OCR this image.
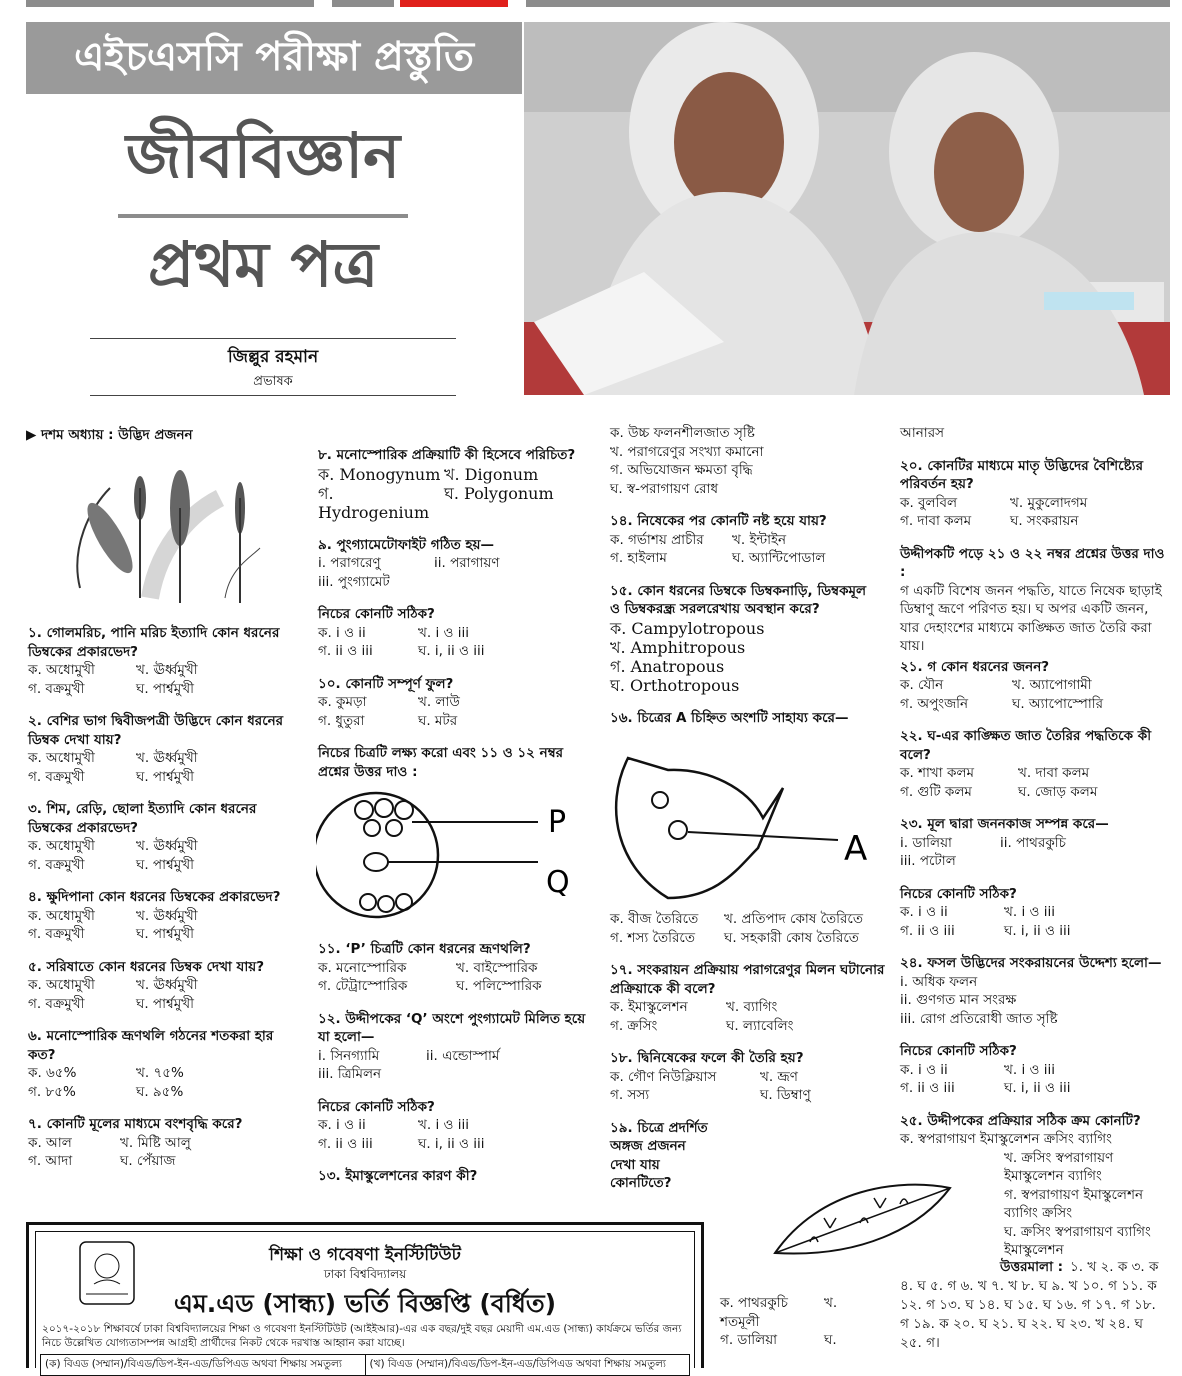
এইচএসসি পরীক্ষা প্রস্তুতি
জীববিজ্ঞান
প্রথম পত্র
জিল্লুর রহমান
প্রভাষক
▶ দশম অধ্যায় : উদ্ভিদ প্রজনন

১. গোলমরিচ, পানি মরিচ ইত্যাদি কোন ধরনের ডিম্বকের প্রকারভেদ?

ক. অধোমুখী	খ. ঊর্ধ্বমুখী
গ. বক্রমুখী	ঘ. পার্শ্বমুখী

২. বেশির ভাগ দ্বিবীজপত্রী উদ্ভিদে কোন ধরনের ডিম্বক দেখা যায়?

ক. অধোমুখী	খ. ঊর্ধ্বমুখী
গ. বক্রমুখী	ঘ. পার্শ্বমুখী

৩. শিম, রেড়ি, ছোলা ইত্যাদি কোন ধরনের ডিম্বকের প্রকারভেদ?

ক. অধোমুখী	খ. ঊর্ধ্বমুখী
গ. বক্রমুখী	ঘ. পার্শ্বমুখী

৪. ক্ষুদিপানা কোন ধরনের ডিম্বকের প্রকারভেদ?

ক. অধোমুখী	খ. ঊর্ধ্বমুখী
গ. বক্রমুখী	ঘ. পার্শ্বমুখী

৫. সরিষাতে কোন ধরনের ডিম্বক দেখা যায়?

ক. অধোমুখী	খ. ঊর্ধ্বমুখী
গ. বক্রমুখী	ঘ. পার্শ্বমুখী

৬. মনোস্পোরিক ভ্রূণথলি গঠনের শতকরা হার কত?

ক. ৬৫%	খ. ৭৫%
গ. ৮৫%	ঘ. ৯৫%

৭. কোনটি মূলের মাধ্যমে বংশবৃদ্ধি করে?

ক. আল	খ. মিষ্টি আলু
গ. আদা	ঘ. পেঁয়াজ

৮. মনোস্পোরিক প্রক্রিয়াটি কী হিসেবে পরিচিত?

ক. Monogynum খ. Digonum
গ. Hydrogenium
ঘ. Polygonum

৯. পুংগ্যামেটোফাইট গঠিত হয়—

i. পরাগরেণু	ii. পরাগায়ণ

iii. পুংগ্যামেট

নিচের কোনটি সঠিক?

ক. i ও ii	খ. i ও iii
গ. ii ও iii	ঘ. i, ii ও iii

১০. কোনটি সম্পূর্ণ ফুল?

ক. কুমড়া	খ. লাউ
গ. ধুতুরা	ঘ. মটর

নিচের চিত্রটি লক্ষ্য করো এবং ১১ ও ১২ নম্বর প্রশ্নের উত্তর দাও :

P
Q

১১. ‘P’ চিত্রটি কোন ধরনের ভ্রূণথলি?

ক. মনোস্পোরিক	খ. বাইস্পোরিক
গ. টেট্রাস্পোরিক	ঘ. পলিস্পোরিক

১২. উদ্দীপকের ‘Q’ অংশে পুংগ্যামেট মিলিত হয়ে যা হলো—

i. সিনগ্যামি	ii. এন্ডোস্পার্ম

iii. ত্রিমিলন

নিচের কোনটি সঠিক?

ক. i ও ii	খ. i ও iii
গ. ii ও iii	ঘ. i, ii ও iii

১৩. ইমাস্কুলেশনের কারণ কী?

ক. উচ্চ ফলনশীলজাত সৃষ্টি

খ. পরাগরেণুর সংখ্যা কমানো

গ. অভিযোজন ক্ষমতা বৃদ্ধি

ঘ. স্ব-পরাগায়ণ রোধ

১৪. নিষেকের পর কোনটি নষ্ট হয়ে যায়?

ক. গর্ভাশয় প্রাচীর	খ. ইন্টাইন
গ. হাইলাম	ঘ. অ্যান্টিপোডাল

১৫. কোন ধরনের ডিম্বকে ডিম্বকনাড়ি, ডিম্বকমূল ও ডিম্বকরন্ধ্র সরলরেখায় অবস্থান করে?

ক. Campylotropous

খ. Amphitropous

গ. Anatropous

ঘ. Orthotropous

১৬. চিত্রের A চিহ্নিত অংশটি সাহায্য করে—

A
ক. বীজ তৈরিতে	খ. প্রতিপাদ কোষ তৈরিতে
গ. শস্য তৈরিতে	ঘ. সহকারী কোষ তৈরিতে

১৭. সংকরায়ন প্রক্রিয়ায় পরাগরেণুর মিলন ঘটানোর প্রক্রিয়াকে কী বলে?

ক. ইমাস্কুলেশন	খ. ব্যাগিং
গ. ক্রসিং	ঘ. ল্যাবেলিং

১৮. দ্বিনিষেকের ফলে কী তৈরি হয়?

ক. গৌণ নিউক্লিয়াস	খ. ভ্রূণ
গ. সস্য	ঘ. ডিম্বাণু

১৯. চিত্রে প্রদর্শিত অঙ্গজ প্রজনন দেখা যায় কোনটিতে?

ক. পাথরকুচি	খ.

শতমূলী

গ. ডালিয়া	ঘ.

আনারস

২০. কোনটির মাধ্যমে মাতৃ উদ্ভিদের বৈশিষ্ট্যের পরিবর্তন হয়?

ক. বুলবিল	খ. মুকুলোদগম
গ. দাবা কলম	ঘ. সংকরায়ন

উদ্দীপকটি পড়ে ২১ ও ২২ নম্বর প্রশ্নের উত্তর দাও :

গ একটি বিশেষ জনন পদ্ধতি, যাতে নিষেক ছাড়াই ডিম্বাণু ভ্রূণে পরিণত হয়। ঘ অপর একটি জনন, যার দেহাংশের মাধ্যমে কাঙ্ক্ষিত জাত তৈরি করা যায়।

২১. গ কোন ধরনের জনন?

ক. যৌন	খ. অ্যাপোগামী
গ. অপুংজনি	ঘ. অ্যাপোস্পোরি

২২. ঘ-এর কাঙ্ক্ষিত জাত তৈরির পদ্ধতিকে কী বলে?

ক. শাখা কলম	খ. দাবা কলম
গ. গুটি কলম	ঘ. জোড় কলম

২৩. মূল দ্বারা জননকাজ সম্পন্ন করে—

i. ডালিয়া	ii. পাথরকুচি

iii. পটোল

নিচের কোনটি সঠিক?

ক. i ও ii	খ. i ও iii
গ. ii ও iii	ঘ. i, ii ও iii

২৪. ফসল উদ্ভিদের সংকরায়নের উদ্দেশ্য হলো—

i. অধিক ফলন

ii. গুণগত মান সংরক্ষ

iii. রোগ প্রতিরোধী জাত সৃষ্টি

নিচের কোনটি সঠিক?

ক. i ও ii	খ. i ও iii
গ. ii ও iii	ঘ. i, ii ও iii

২৫. উদ্দীপকের প্রক্রিয়ার সঠিক ক্রম কোনটি?

ক. স্বপরাগায়ণ ইমাস্কুলেশন ক্রসিং ব্যাগিং

খ. ক্রসিং স্বপরাগায়ণ ইমাস্কুলেশন ব্যাগিং

গ. স্বপরাগায়ণ ইমাস্কুলেশন ব্যাগিং ক্রসিং

ঘ. ক্রসিং স্বপরাগায়ণ ব্যাগিং ইমাস্কুলেশন

উত্তরমালা : ১. খ ২. ক ৩. ক ৪. ঘ ৫. গ ৬. খ ৭. খ ৮. ঘ ৯. খ ১০. গ ১১. ক ১২. গ ১৩. ঘ ১৪. ঘ ১৫. ঘ ১৬. গ ১৭. গ ১৮. গ ১৯. ক ২০. ঘ ২১. ঘ ২২. ঘ ২৩. খ ২৪. ঘ ২৫. গ।
শিক্ষা ও গবেষণা ইনস্টিটিউট
ঢাকা বিশ্ববিদ্যালয়
এম.এড (সান্ধ্য) ভর্তি বিজ্ঞপ্তি (বর্ধিত)
২০১৭-২০১৮ শিক্ষাবর্ষে ঢাকা বিশ্ববিদ্যালয়ের শিক্ষা ও গবেষণা ইনস্টিটিউট (আইইআর)-এর এক বছর/দুই বছর মেয়াদী এম.এড (সান্ধ্য) কার্যক্রমে ভর্তির জন্য নিচে উল্লেখিত যোগ্যতাসম্পন্ন আগ্রহী প্রার্থীদের নিকট থেকে দরখাস্ত আহ্বান করা যাচ্ছে।
(ক) বিএড (সম্মান)/বিএড/ডিপ-ইন-এড/ডিপিএড অথবা শিক্ষায় সমতুল্য	(খ) বিএড (সম্মান)/বিএড/ডিপ-ইন-এড/ডিপিএড অথবা শিক্ষায় সমতুল্য
